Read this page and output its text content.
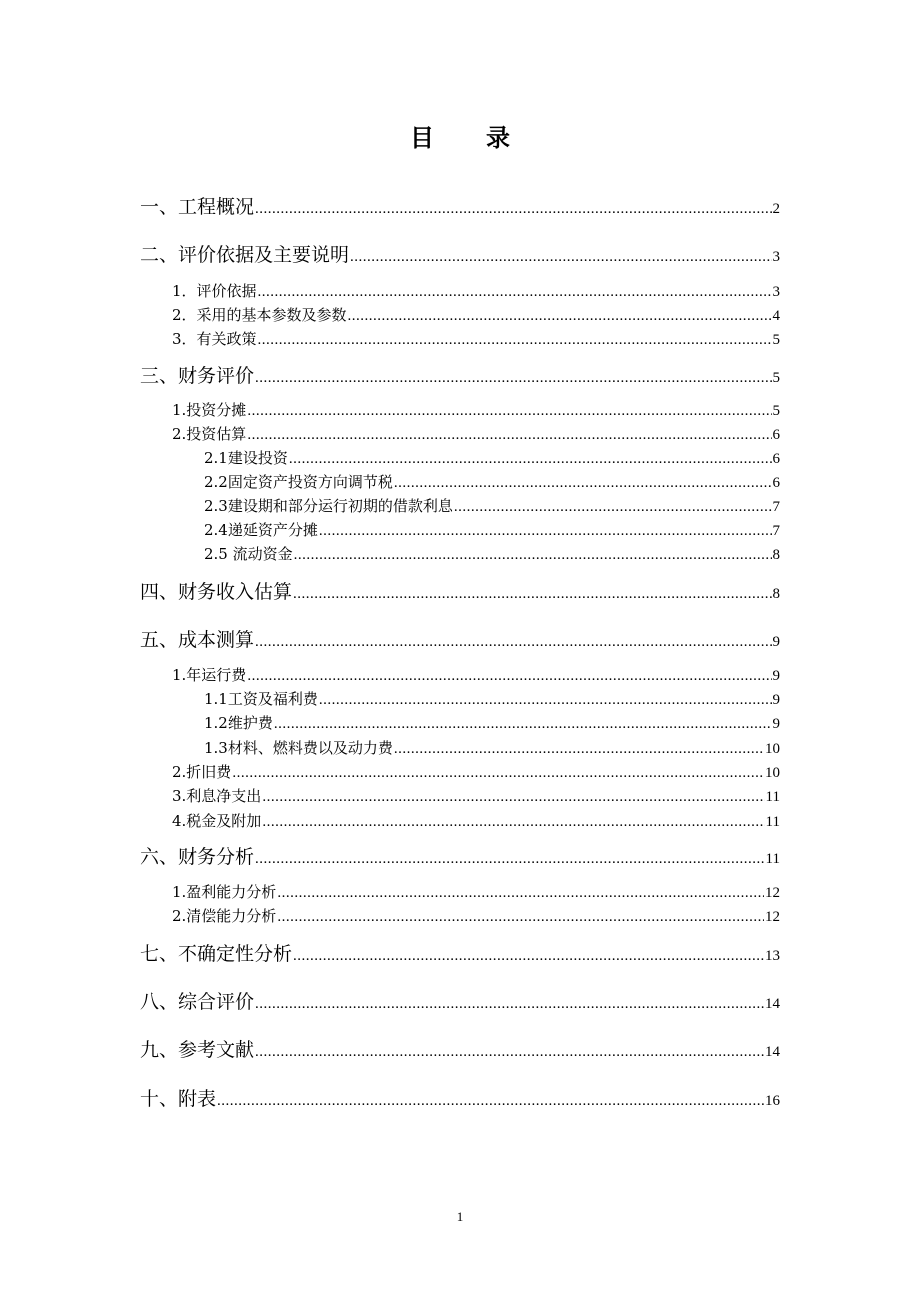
目 录
一、工程概况 .....	2
二、评价依据及主要说明 .....	3
1．评价依据 .....	3
2．采用的基本参数及参数 .....	4
3．有关政策 .....	5
三、财务评价 .....	5
1.投资分摊 .....	5
2.投资估算 .....	6
2.1建设投资 .....	6
2.2固定资产投资方向调节税 .....	6
2.3建设期和部分运行初期的借款利息 .....	7
2.4递延资产分摊 .....	7
2.5 流动资金 .....	8
四、财务收入估算 .....	8
五、成本测算 .....	9
1.年运行费 .....	9
1.1工资及福利费 .....	9
1.2维护费 .....	9
1.3材料、燃料费以及动力费 .....	10
2.折旧费 .....	10
3.利息净支出 .....	11
4.税金及附加 .....	11
六、财务分析 .....	11
1.盈利能力分析 .....	12
2.清偿能力分析 .....	12
七、不确定性分析 .....	13
八、综合评价 .....	14
九、参考文献 .....	14
十、附表 .....	16
1
